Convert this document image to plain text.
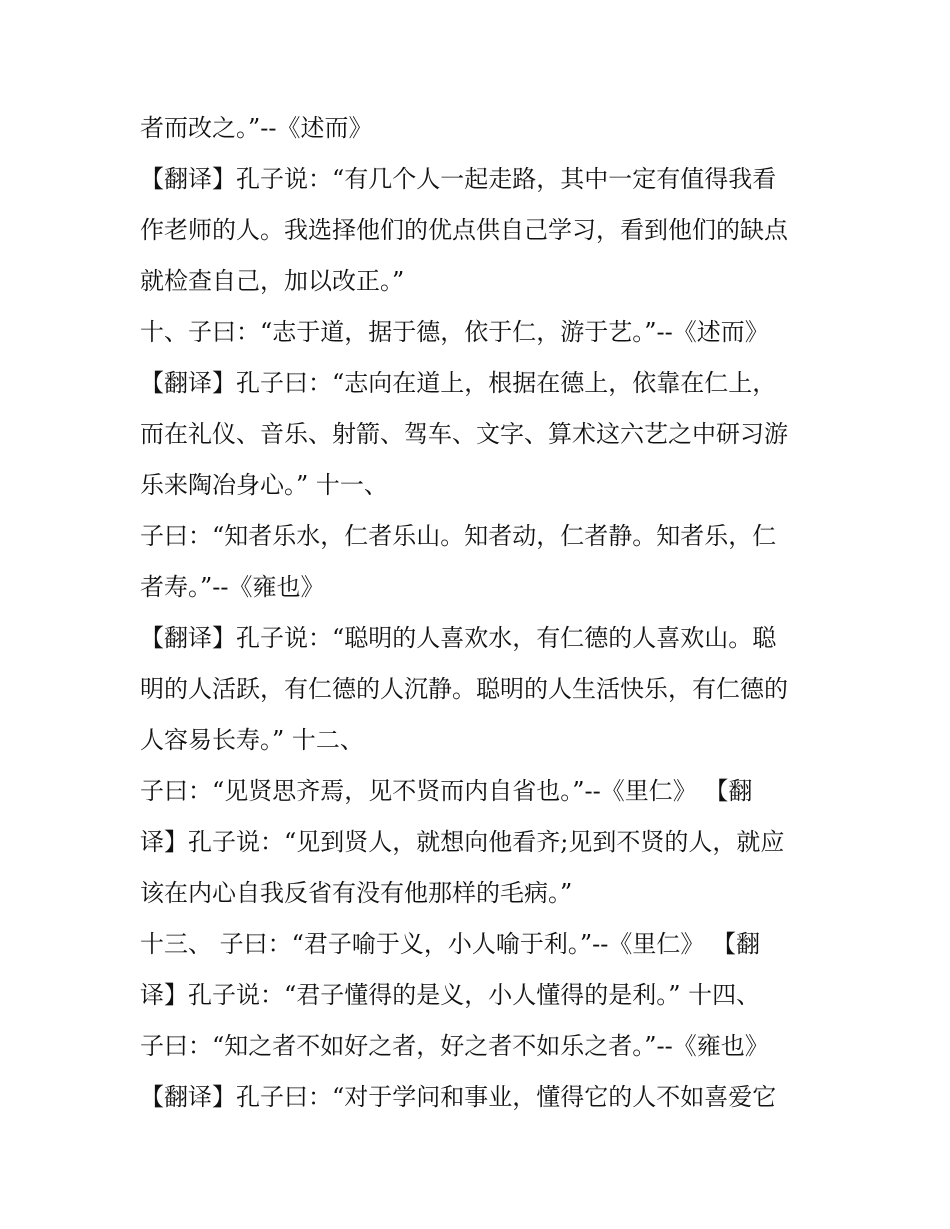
者而改之。”--《述而》
【翻译】孔子说：“有几个人一起走路，其中一定有值得我看
作老师的人。我选择他们的优点供自己学习，看到他们的缺点
就检查自己，加以改正。”
十、子曰：“志于道，据于德，依于仁，游于艺。”--《述而》
【翻译】孔子曰：“志向在道上，根据在德上，依靠在仁上，
而在礼仪、音乐、射箭、驾车、文字、算术这六艺之中研习游
乐来陶冶身心。” 十一、
子曰：“知者乐水，仁者乐山。知者动，仁者静。知者乐，仁
者寿。”--《雍也》
【翻译】孔子说：“聪明的人喜欢水，有仁德的人喜欢山。聪
明的人活跃，有仁德的人沉静。聪明的人生活快乐，有仁德的
人容易长寿。” 十二、
子曰：“见贤思齐焉，见不贤而内自省也。”--《里仁》 【翻
译】孔子说：“见到贤人，就想向他看齐;见到不贤的人，就应
该在内心自我反省有没有他那样的毛病。”
十三、 子曰：“君子喻于义，小人喻于利。”--《里仁》 【翻
译】孔子说：“君子懂得的是义，小人懂得的是利。” 十四、
子曰：“知之者不如好之者，好之者不如乐之者。”--《雍也》
【翻译】孔子曰：“对于学问和事业，懂得它的人不如喜爱它
